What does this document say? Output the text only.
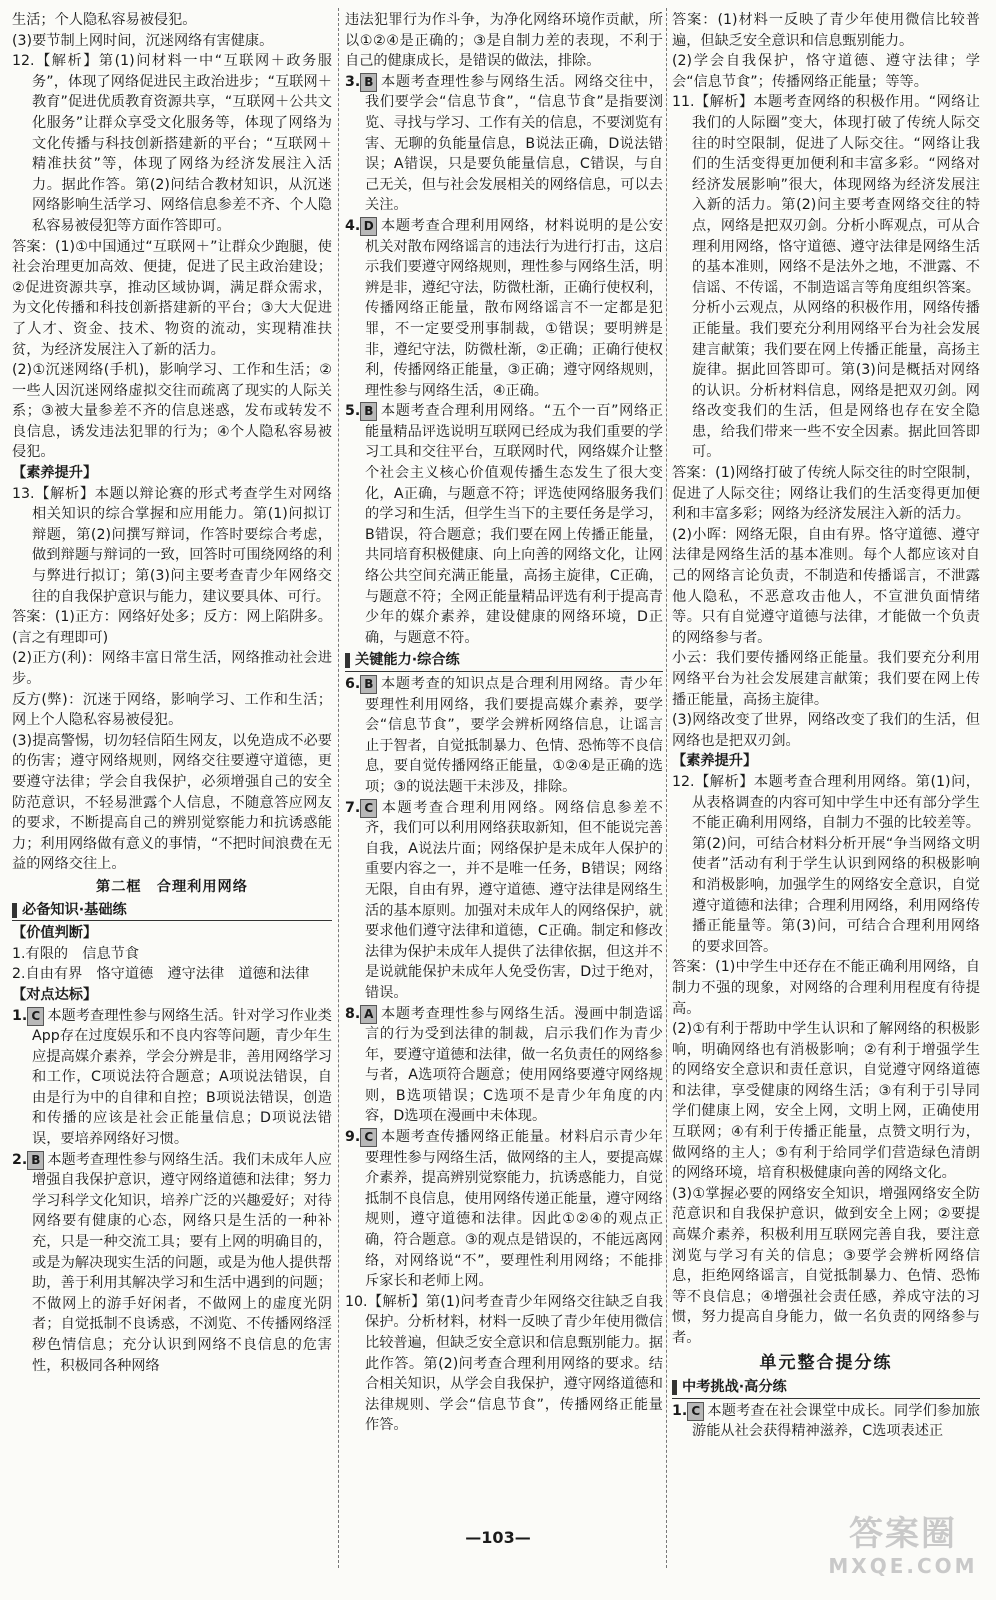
生活；个人隐私容易被侵犯。
(3)要节制上网时间，沉迷网络有害健康。
12.【解析】第(1)问材料一中“互联网＋政务服务”，体现了网络促进民主政治进步；“互联网＋教育”促进优质教育资源共享，“互联网＋公共文化服务”让群众享受文化服务等，体现了网络为文化传播与科技创新搭建新的平台；“互联网＋精准扶贫”等，体现了网络为经济发展注入活力。据此作答。第(2)问结合教材知识，从沉迷网络影响生活学习、网络信息参差不齐、个人隐私容易被侵犯等方面作答即可。
答案：(1)①中国通过“互联网＋”让群众少跑腿，使社会治理更加高效、便捷，促进了民主政治建设；②促进资源共享，推动区域协调，满足群众需求，为文化传播和科技创新搭建新的平台；③大大促进了人才、资金、技术、物资的流动，实现精准扶贫，为经济发展注入了新的活力。
(2)①沉迷网络(手机)，影响学习、工作和生活；②一些人因沉迷网络虚拟交往而疏离了现实的人际关系；③被大量参差不齐的信息迷惑，发布或转发不良信息，诱发违法犯罪的行为；④个人隐私容易被侵犯。
【素养提升】
13.【解析】本题以辩论赛的形式考查学生对网络相关知识的综合掌握和应用能力。第(1)问拟订辩题，第(2)问撰写辩词，作答时要综合考虑，做到辩题与辩词的一致，回答时可围绕网络的利与弊进行拟订；第(3)问主要考查青少年网络交往的自我保护意识与能力，建议要具体、可行。
答案：(1)正方：网络好处多；反方：网上陷阱多。(言之有理即可)
(2)正方(利)：网络丰富日常生活，网络推动社会进步。
反方(弊)：沉迷于网络，影响学习、工作和生活；网上个人隐私容易被侵犯。
(3)提高警惕，切勿轻信陌生网友，以免造成不必要的伤害；遵守网络规则，网络交往要遵守道德，更要遵守法律；学会自我保护，必须增强自己的安全防范意识，不轻易泄露个人信息，不随意答应网友的要求，不断提高自己的辨别觉察能力和抗诱惑能力；利用网络做有意义的事情，“不把时间浪费在无益的网络交往上。
第二框　合理利用网络
必备知识·基础练
【价值判断】
1.有限的　信息节食
2.自由有界　恪守道德　遵守法律　道德和法律
【对点达标】
1. C 本题考查理性参与网络生活。针对学习作业类App存在过度娱乐和不良内容等问题，青少年生应提高媒介素养，学会分辨是非，善用网络学习和工作，C项说法符合题意；A项说法错误，自由是行为中的自律和自控；B项说法错误，创造和传播的应该是社会正能量信息；D项说法错误，要培养网络好习惯。
2. B 本题考查理性参与网络生活。我们未成年人应增强自我保护意识，遵守网络道德和法律；努力学习科学文化知识，培养广泛的兴趣爱好；对待网络要有健康的心态，网络只是生活的一种补充，只是一种交流工具；要有上网的明确目的，或是为解决现实生活的问题，或是为他人提供帮助，善于利用其解决学习和生活中遇到的问题；不做网上的游手好闲者，不做网上的虚度光阴者；自觉抵制不良诱惑，不浏览、不传播网络淫秽色情信息；充分认识到网络不良信息的危害性，积极同各种网络
违法犯罪行为作斗争，为净化网络环境作贡献，所以①②④是正确的；③是自制力差的表现，不利于自己的健康成长，是错误的做法，排除。
3. B 本题考查理性参与网络生活。网络交往中，我们要学会“信息节食”，“信息节食”是指要浏览、寻找与学习、工作有关的信息，不要浏览有害、无聊的负能量信息，B说法正确，D说法错误；A错误，只是要负能量信息，C错误，与自己无关，但与社会发展相关的网络信息，可以去关注。
4. D 本题考查合理利用网络，材料说明的是公安机关对散布网络谣言的违法行为进行打击，这启示我们要遵守网络规则，理性参与网络生活，明辨是非，遵纪守法，防微杜渐，正确行使权利，传播网络正能量，散布网络谣言不一定都是犯罪，不一定要受刑事制裁，①错误；要明辨是非，遵纪守法，防微杜渐，②正确；正确行使权利，传播网络正能量，③正确；遵守网络规则，理性参与网络生活，④正确。
5. B 本题考查合理利用网络。“五个一百”网络正能量精品评选说明互联网已经成为我们重要的学习工具和交往平台，互联网时代，网络媒介让整个社会主义核心价值观传播生态发生了很大变化，A正确，与题意不符；评选使网络服务我们的学习和生活，但学生当下的主要任务是学习，B错误，符合题意；我们要在网上传播正能量，共同培育积极健康、向上向善的网络文化，让网络公共空间充满正能量，高扬主旋律，C正确，与题意不符；全网正能量精品评选有利于提高青少年的媒介素养，建设健康的网络环境，D正确，与题意不符。
关键能力·综合练
6. B 本题考查的知识点是合理利用网络。青少年要理性利用网络，我们要提高媒介素养，要学会“信息节食”，要学会辨析网络信息，让谣言止于智者，自觉抵制暴力、色情、恐怖等不良信息，要自觉传播网络正能量，①②④是正确的选项；③的说法题干未涉及，排除。
7. C 本题考查合理利用网络。网络信息参差不齐，我们可以利用网络获取新知，但不能说完善自我，A说法片面；网络保护是未成年人保护的重要内容之一，并不是唯一任务，B错误；网络无限，自由有界，遵守道德、遵守法律是网络生活的基本原则。加强对未成年人的网络保护，就要求他们遵守法律和道德，C正确。制定和修改法律为保护未成年人提供了法律依据，但这并不是说就能保护未成年人免受伤害，D过于绝对，错误。
8. A 本题考查理性参与网络生活。漫画中制造谣言的行为受到法律的制裁，启示我们作为青少年，要遵守道德和法律，做一名负责任的网络参与者，A选项符合题意；使用网络要遵守网络规则，B选项错误；C选项不是青少年角度的内容，D选项在漫画中未体现。
9. C 本题考查传播网络正能量。材料启示青少年要理性参与网络生活，做网络的主人，要提高媒介素养，提高辨别觉察能力，抗诱惑能力，自觉抵制不良信息，使用网络传递正能量，遵守网络规则，遵守道德和法律。因此①②④的观点正确，符合题意。③的观点是错误的，不能远离网络，对网络说“不”，要理性利用网络；不能排斥家长和老师上网。
10.【解析】第(1)问考查青少年网络交往缺乏自我保护。分析材料，材料一反映了青少年使用微信比较普遍，但缺乏安全意识和信息甄别能力。据此作答。第(2)问考查合理利用网络的要求。结合相关知识，从学会自我保护，遵守网络道德和法律规则、学会“信息节食”，传播网络正能量作答。
答案：(1)材料一反映了青少年使用微信比较普遍，但缺乏安全意识和信息甄别能力。
(2)学会自我保护，恪守道德、遵守法律；学会“信息节食”；传播网络正能量；等等。
11.【解析】本题考查网络的积极作用。“网络让我们的人际圈”变大，体现打破了传统人际交往的时空限制，促进了人际交往。“网络让我们的生活变得更加便利和丰富多彩。“网络对经济发展影响”很大，体现网络为经济发展注入新的活力。第(2)问主要考查网络交往的特点，网络是把双刃剑。分析小晖观点，可从合理利用网络，恪守道德、遵守法律是网络生活的基本准则，网络不是法外之地，不泄露、不信谣、不传谣，不制造谣言等角度组织答案。分析小云观点，从网络的积极作用，网络传播正能量。我们要充分利用网络平台为社会发展建言献策；我们要在网上传播正能量，高扬主旋律。据此回答即可。第(3)问是概括对网络的认识。分析材料信息，网络是把双刃剑。网络改变我们的生活，但是网络也存在安全隐患，给我们带来一些不安全因素。据此回答即可。
答案：(1)网络打破了传统人际交往的时空限制，促进了人际交往；网络让我们的生活变得更加便利和丰富多彩；网络为经济发展注入新的活力。
(2)小晖：网络无限，自由有界。恪守道德、遵守法律是网络生活的基本准则。每个人都应该对自己的网络言论负责，不制造和传播谣言，不泄露他人隐私，不恶意攻击他人，不宣泄负面情绪等。只有自觉遵守道德与法律，才能做一个负责的网络参与者。
小云：我们要传播网络正能量。我们要充分利用网络平台为社会发展建言献策；我们要在网上传播正能量，高扬主旋律。
(3)网络改变了世界，网络改变了我们的生活，但网络也是把双刃剑。
【素养提升】
12.【解析】本题考查合理利用网络。第(1)问，从表格调查的内容可知中学生中还有部分学生不能正确利用网络，自制力不强的比较差等。第(2)问，可结合材料分析开展“争当网络文明使者”活动有利于学生认识到网络的积极影响和消极影响，加强学生的网络安全意识，自觉遵守道德和法律；合理利用网络，利用网络传播正能量等。第(3)问，可结合合理利用网络的要求回答。
答案：(1)中学生中还存在不能正确利用网络，自制力不强的现象，对网络的合理利用程度有待提高。
(2)①有利于帮助中学生认识和了解网络的积极影响，明确网络也有消极影响；②有利于增强学生的网络安全意识和责任意识，自觉遵守网络道德和法律，享受健康的网络生活；③有利于引导同学们健康上网，安全上网，文明上网，正确使用互联网；④有利于传播正能量，点赞文明行为，做网络的主人；⑤有利于给同学们营造绿色清朗的网络环境，培育积极健康向善的网络文化。
(3)①掌握必要的网络安全知识，增强网络安全防范意识和自我保护意识，做到安全上网；②要提高媒介素养，积极利用互联网完善自我，要注意浏览与学习有关的信息；③要学会辨析网络信息，拒绝网络谣言，自觉抵制暴力、色情、恐怖等不良信息；④增强社会责任感，养成守法的习惯，努力提高自身能力，做一名负责的网络参与者。
单元整合提分练
中考挑战·高分练
1. C 本题考查在社会课堂中成长。同学们参加旅游能从社会获得精神滋养，C选项表述正
—103—	答案圈
MXQE.COM
